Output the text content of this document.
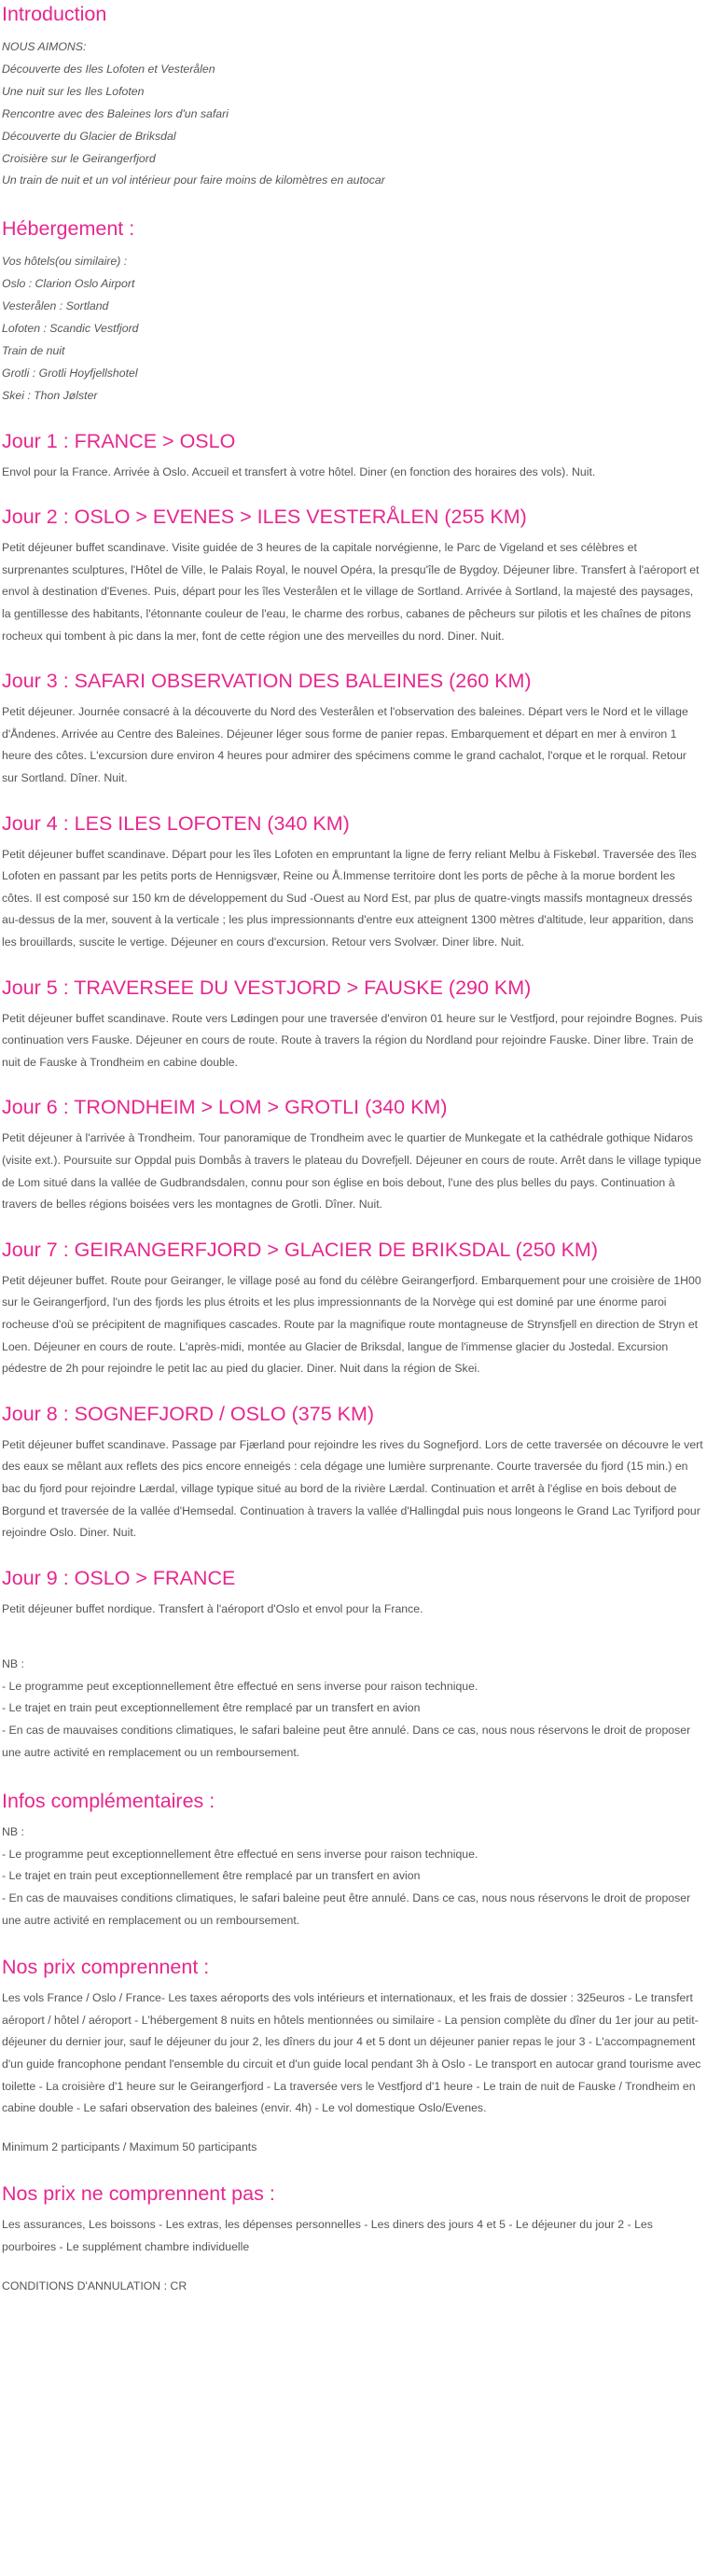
Introduction
NOUS AIMONS:
Découverte des Iles Lofoten et Vesterålen
Une nuit sur les Iles Lofoten
Rencontre avec des Baleines lors d'un safari
Découverte du Glacier de Briksdal
Croisière sur le Geirangerfjord
Un train de nuit et un vol intérieur pour faire moins de kilomètres en autocar
Hébergement :
Vos hôtels(ou similaire) :
Oslo : Clarion Oslo Airport
Vesterålen : Sortland
Lofoten : Scandic Vestfjord
Train de nuit
Grotli : Grotli Hoyfjellshotel
Skei : Thon Jølster
Jour 1 : FRANCE > OSLO

Envol pour la France. Arrivée à Oslo. Accueil et transfert à votre hôtel. Diner (en fonction des horaires des vols). Nuit.

Jour 2 : OSLO > EVENES > ILES VESTERÅLEN (255 KM)

Petit déjeuner buffet scandinave. Visite guidée de 3 heures de la capitale norvégienne, le Parc de Vigeland et ses célèbres et surprenantes sculptures, l'Hôtel de Ville, le Palais Royal, le nouvel Opéra, la presqu'île de Bygdoy. Déjeuner libre. Transfert à l'aéroport et envol à destination d'Evenes. Puis, départ pour les îles Vesterålen et le village de Sortland. Arrivée à Sortland, la majesté des paysages, la gentillesse des habitants, l'étonnante couleur de l'eau, le charme des rorbus, cabanes de pêcheurs sur pilotis et les chaînes de pitons rocheux qui tombent à pic dans la mer, font de cette région une des merveilles du nord. Diner. Nuit.

Jour 3 : SAFARI OBSERVATION DES BALEINES (260 KM)

Petit déjeuner. Journée consacré à la découverte du Nord des Vesterålen et l'observation des baleines. Départ vers le Nord et le village d'Åndenes. Arrivée au Centre des Baleines. Déjeuner léger sous forme de panier repas. Embarquement et départ en mer à environ 1 heure des côtes. L'excursion dure environ 4 heures pour admirer des spécimens comme le grand cachalot, l'orque et le rorqual. Retour sur Sortland. Dîner. Nuit.

Jour 4 : LES ILES LOFOTEN (340 KM)

Petit déjeuner buffet scandinave. Départ pour les îles Lofoten en empruntant la ligne de ferry reliant Melbu à Fiskebøl. Traversée des îles Lofoten en passant par les petits ports de Hennigsvær, Reine ou Å.Immense territoire dont les ports de pêche à la morue bordent les côtes. Il est composé sur 150 km de développement du Sud -Ouest au Nord Est, par plus de quatre-vingts massifs montagneux dressés au-dessus de la mer, souvent à la verticale ; les plus impressionnants d'entre eux atteignent 1300 mètres d'altitude, leur apparition, dans les brouillards, suscite le vertige. Déjeuner en cours d'excursion. Retour vers Svolvær. Diner libre. Nuit.

Jour 5 : TRAVERSEE DU VESTJORD > FAUSKE (290 KM)

Petit déjeuner buffet scandinave. Route vers Lødingen pour une traversée d'environ 01 heure sur le Vestfjord, pour rejoindre Bognes. Puis continuation vers Fauske. Déjeuner en cours de route. Route à travers la région du Nordland pour rejoindre Fauske. Diner libre. Train de nuit de Fauske à Trondheim en cabine double.

Jour 6 : TRONDHEIM > LOM > GROTLI (340 KM)

Petit déjeuner à l'arrivée à Trondheim. Tour panoramique de Trondheim avec le quartier de Munkegate et la cathédrale gothique Nidaros (visite ext.). Poursuite sur Oppdal puis Dombås à travers le plateau du Dovrefjell. Déjeuner en cours de route. Arrêt dans le village typique de Lom situé dans la vallée de Gudbrandsdalen, connu pour son église en bois debout, l'une des plus belles du pays. Continuation à travers de belles régions boisées vers les montagnes de Grotli. Dîner. Nuit.

Jour 7 : GEIRANGERFJORD > GLACIER DE BRIKSDAL (250 KM)

Petit déjeuner buffet. Route pour Geiranger, le village posé au fond du célèbre Geirangerfjord. Embarquement pour une croisière de 1H00 sur le Geirangerfjord, l'un des fjords les plus étroits et les plus impressionnants de la Norvège qui est dominé par une énorme paroi rocheuse d'où se précipitent de magnifiques cascades. Route par la magnifique route montagneuse de Strynsfjell en direction de Stryn et Loen. Déjeuner en cours de route. L'après-midi, montée au Glacier de Briksdal, langue de l'immense glacier du Jostedal. Excursion pédestre de 2h pour rejoindre le petit lac au pied du glacier. Diner. Nuit dans la région de Skei.

Jour 8 : SOGNEFJORD / OSLO (375 KM)

Petit déjeuner buffet scandinave. Passage par Fjærland pour rejoindre les rives du Sognefjord. Lors de cette traversée on découvre le vert des eaux se mêlant aux reflets des pics encore enneigés : cela dégage une lumière surprenante. Courte traversée du fjord (15 min.) en bac du fjord pour rejoindre Lærdal, village typique situé au bord de la rivière Lærdal. Continuation et arrêt à l'église en bois debout de Borgund et traversée de la vallée d'Hemsedal. Continuation à travers la vallée d'Hallingdal puis nous longeons le Grand Lac Tyrifjord pour rejoindre Oslo. Diner. Nuit.

Jour 9 : OSLO > FRANCE

Petit déjeuner buffet nordique. Transfert à l'aéroport d'Oslo et envol pour la France.

NB :
- Le programme peut exceptionnellement être effectué en sens inverse pour raison technique.
- Le trajet en train peut exceptionnellement être remplacé par un transfert en avion
- En cas de mauvaises conditions climatiques, le safari baleine peut être annulé. Dans ce cas, nous nous réservons le droit de proposer une autre activité en remplacement ou un remboursement.
Infos complémentaires :
NB :
- Le programme peut exceptionnellement être effectué en sens inverse pour raison technique.
- Le trajet en train peut exceptionnellement être remplacé par un transfert en avion
- En cas de mauvaises conditions climatiques, le safari baleine peut être annulé. Dans ce cas, nous nous réservons le droit de proposer une autre activité en remplacement ou un remboursement.
Nos prix comprennent :

Les vols France / Oslo / France- Les taxes aéroports des vols intérieurs et internationaux, et les frais de dossier : 325euros - Le transfert aéroport / hôtel / aéroport - L'hébergement 8 nuits en hôtels mentionnées ou similaire - La pension complète du dîner du 1er jour au petit-déjeuner du dernier jour, sauf le déjeuner du jour 2, les dîners du jour 4 et 5 dont un déjeuner panier repas le jour 3 - L'accompagnement d'un guide francophone pendant l'ensemble du circuit et d'un guide local pendant 3h à Oslo - Le transport en autocar grand tourisme avec toilette - La croisière d'1 heure sur le Geirangerfjord - La traversée vers le Vestfjord d'1 heure - Le train de nuit de Fauske / Trondheim en cabine double - Le safari observation des baleines (envir. 4h) - Le vol domestique Oslo/Evenes.

Minimum 2 participants / Maximum 50 participants

Nos prix ne comprennent pas :

Les assurances, Les boissons - Les extras, les dépenses personnelles - Les diners des jours 4 et 5 - Le déjeuner du jour 2 - Les pourboires - Le supplément chambre individuelle

CONDITIONS D'ANNULATION : CR
